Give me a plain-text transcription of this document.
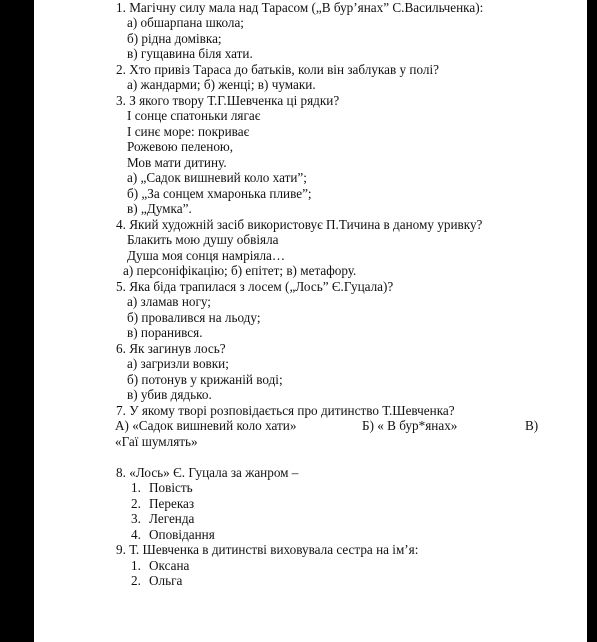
1. Магічну силу мала над Тарасом („В бур’янах” С.Васильченка):
а) обшарпана школа;
б) рідна домівка;
в) гущавина біля хати.
2. Хто привіз Тараса до батьків, коли він заблукав у полі?
а) жандарми; б) женці; в) чумаки.
3. З якого твору Т.Г.Шевченка ці рядки?
І сонце спатоньки лягає
І синє море: покриває
Рожевою пеленою,
Мов мати дитину.
а) „Садок вишневий коло хати”;
б) „За сонцем хмаронька пливе”;
в) „Думка”.
4. Який художній засіб використовує П.Тичина в даному уривку?
Блакить мою душу обвіяла
Душа моя сонця намріяла…
а) персоніфікацію; б) епітет; в) метафору.
5. Яка біда трапилася з лосем („Лось” Є.Гуцала)?
а) зламав ногу;
б) провалився на льоду;
в) поранився.
6. Як загинув лось?
а) загризли вовки;
б) потонув у крижаній воді;
в) убив дядько.
7. У якому творі розповідається про дитинство Т.Шевченка?
А) «Садок вишневий коло хати»	Б) « В бур*янах»	В)
«Гаї шумлять»
8. «Лось» Є. Гуцала за жанром –
1. Повість
2. Переказ
3. Легенда
4. Оповідання
9. Т. Шевченка в дитинстві виховувала сестра на ім’я:
1. Оксана
2. Ольга
